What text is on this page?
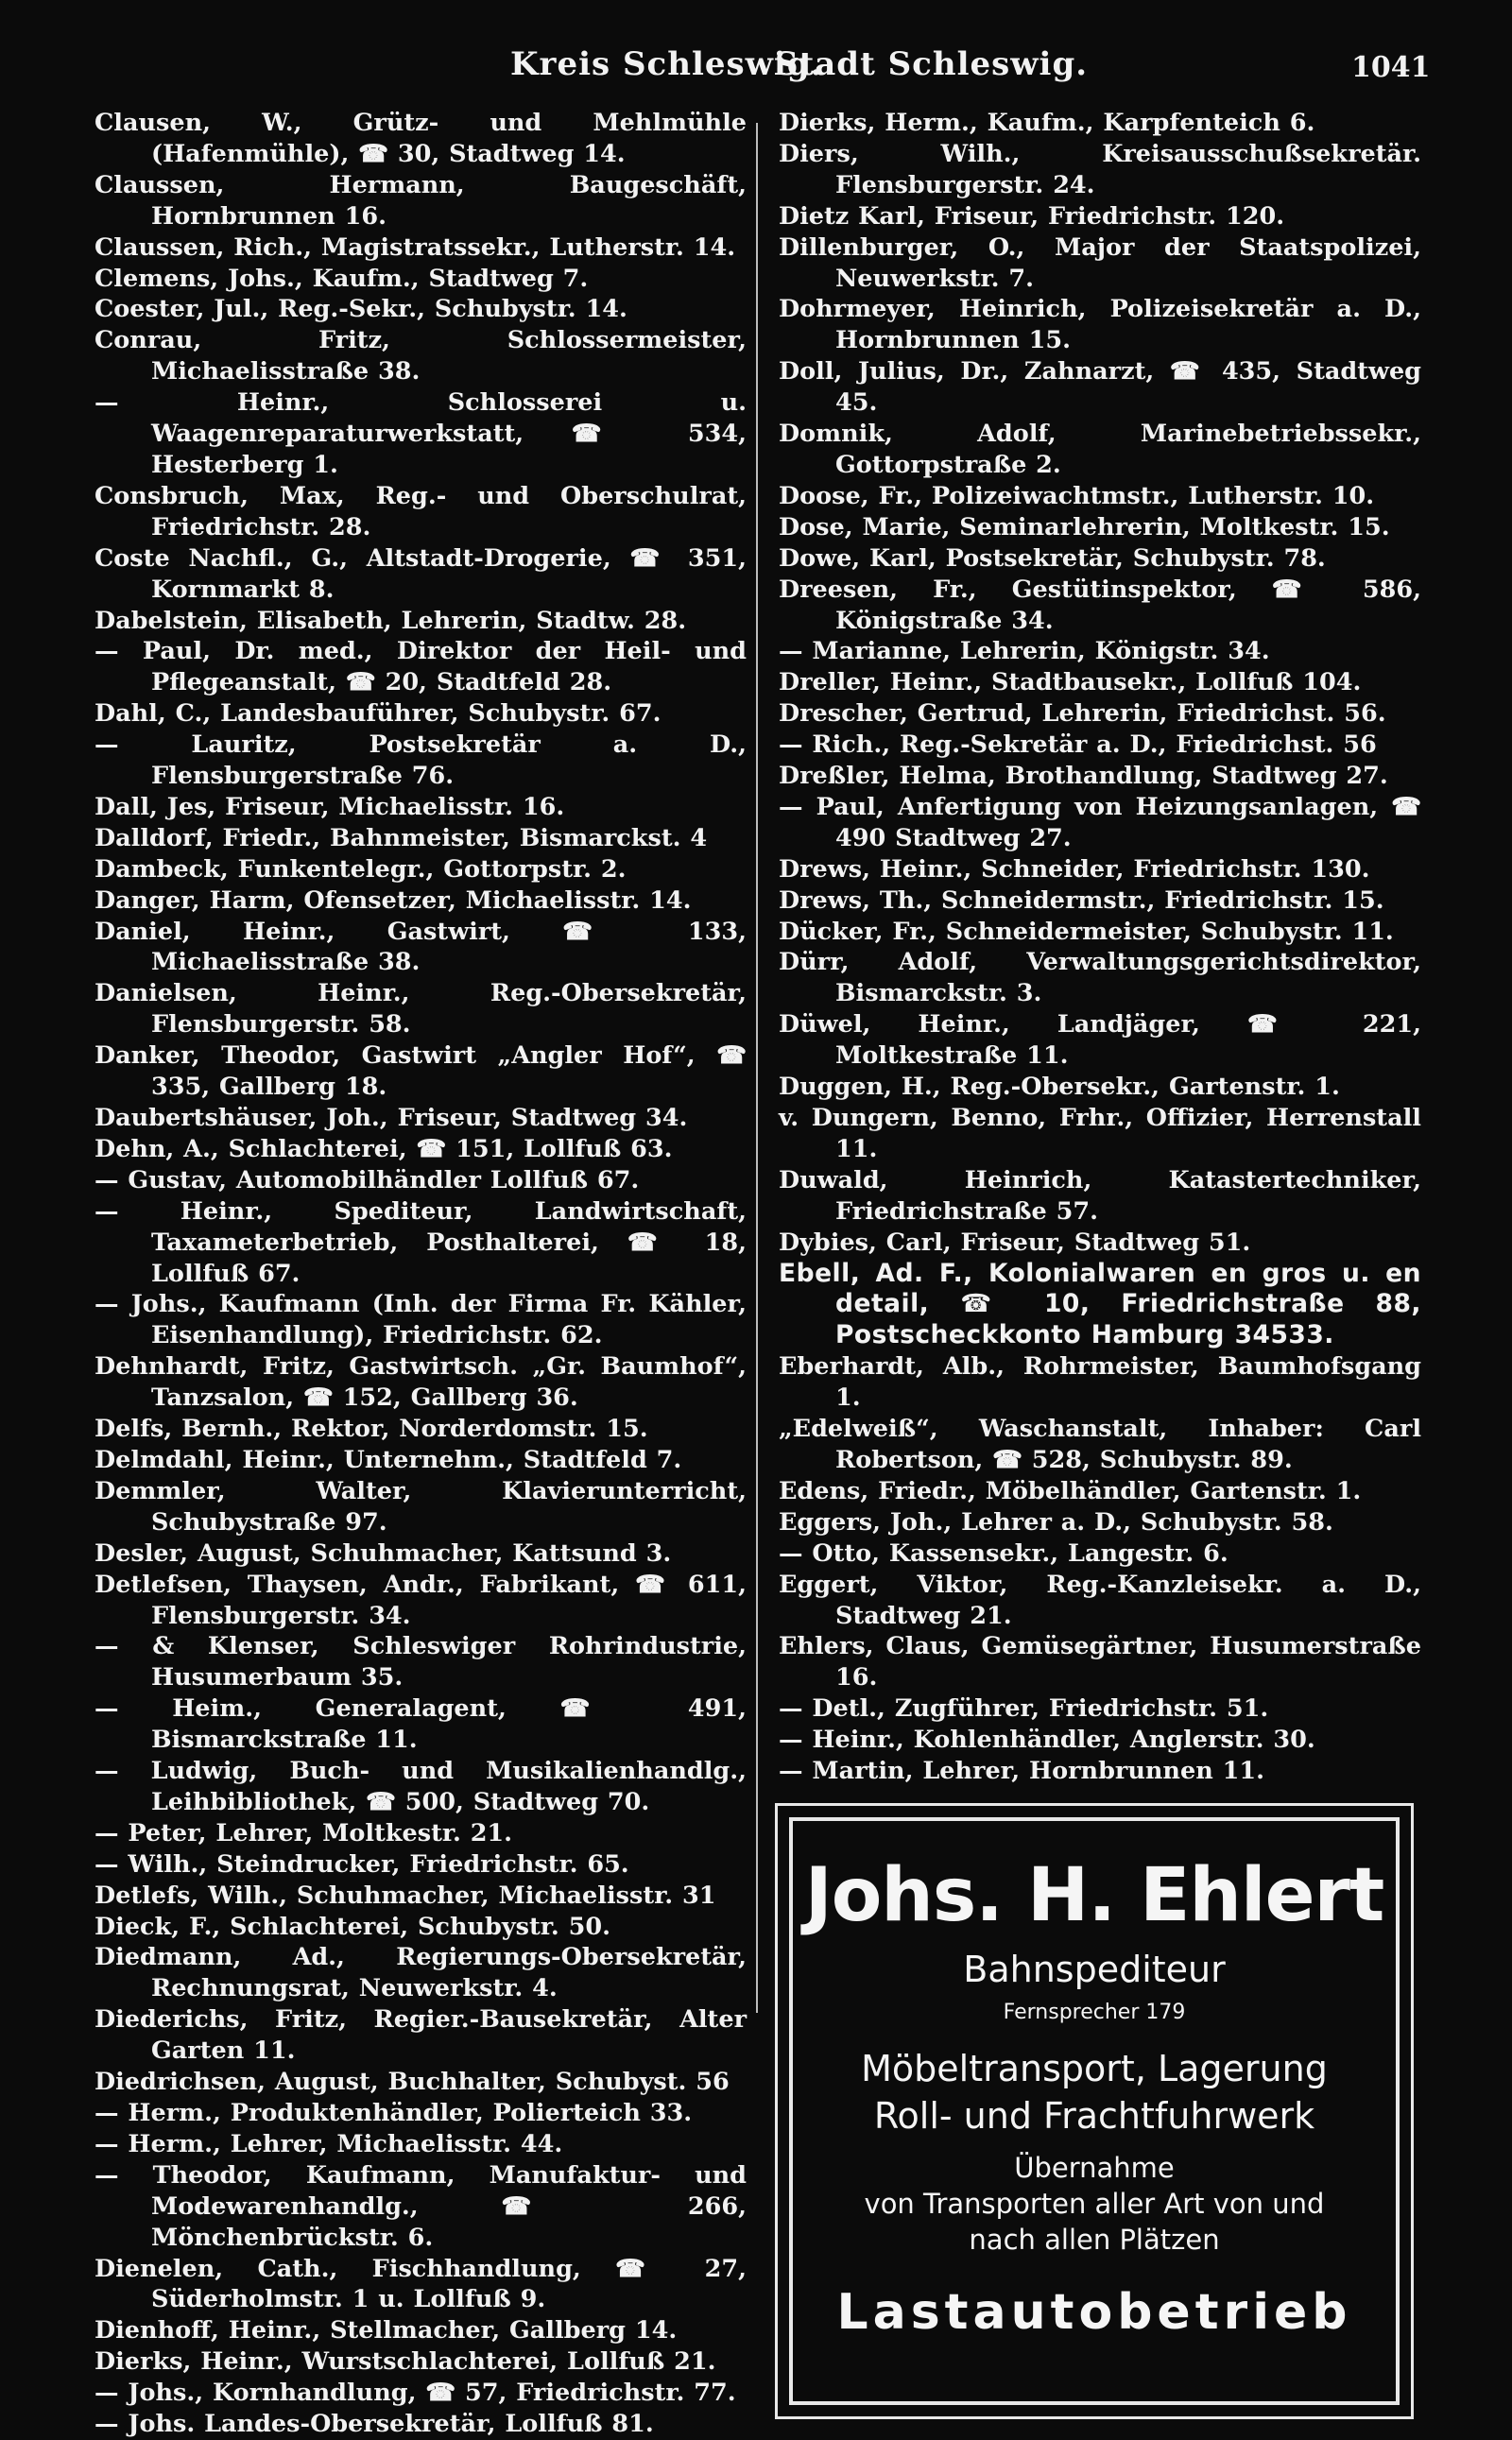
Kreis Schleswig.
Stadt Schleswig.	1041
Clausen, W., Grütz- und Mehlmühle (Hafenmühle), ☎ 30, Stadtweg 14.
Claussen, Hermann, Baugeschäft, Hornbrunnen 16.
Claussen, Rich., Magistratssekr., Lutherstr. 14.
Clemens, Johs., Kaufm., Stadtweg 7.
Coester, Jul., Reg.-Sekr., Schubystr. 14.
Conrau, Fritz, Schlossermeister, Michaelisstraße 38.
— Heinr., Schlosserei u. Waagenreparaturwerkstatt, ☎ 534, Hesterberg 1.
Consbruch, Max, Reg.- und Oberschulrat, Friedrichstr. 28.
Coste Nachfl., G., Altstadt-Drogerie, ☎ 351, Kornmarkt 8.
Dabelstein, Elisabeth, Lehrerin, Stadtw. 28.
— Paul, Dr. med., Direktor der Heil- und Pflegeanstalt, ☎ 20, Stadtfeld 28.
Dahl, C., Landesbauführer, Schubystr. 67.
— Lauritz, Postsekretär a. D., Flensburgerstraße 76.
Dall, Jes, Friseur, Michaelisstr. 16.
Dalldorf, Friedr., Bahnmeister, Bismarckst. 4
Dambeck, Funkentelegr., Gottorpstr. 2.
Danger, Harm, Ofensetzer, Michaelisstr. 14.
Daniel, Heinr., Gastwirt, ☎ 133, Michaelisstraße 38.
Danielsen, Heinr., Reg.-Obersekretär, Flensburgerstr. 58.
Danker, Theodor, Gastwirt „Angler Hof“, ☎ 335, Gallberg 18.
Daubertshäuser, Joh., Friseur, Stadtweg 34.
Dehn, A., Schlachterei, ☎ 151, Lollfuß 63.
— Gustav, Automobilhändler Lollfuß 67.
— Heinr., Spediteur, Landwirtschaft, Taxameterbetrieb, Posthalterei, ☎ 18, Lollfuß 67.
— Johs., Kaufmann (Inh. der Firma Fr. Kähler, Eisenhandlung), Friedrichstr. 62.
Dehnhardt, Fritz, Gastwirtsch. „Gr. Baumhof“, Tanzsalon, ☎ 152, Gallberg 36.
Delfs, Bernh., Rektor, Norderdomstr. 15.
Delmdahl, Heinr., Unternehm., Stadtfeld 7.
Demmler, Walter, Klavierunterricht, Schubystraße 97.
Desler, August, Schuhmacher, Kattsund 3.
Detlefsen, Thaysen, Andr., Fabrikant, ☎ 611, Flensburgerstr. 34.
— & Klenser, Schleswiger Rohrindustrie, Husumerbaum 35.
— Heim., Generalagent, ☎ 491, Bismarckstraße 11.
— Ludwig, Buch- und Musikalienhandlg., Leihbibliothek, ☎ 500, Stadtweg 70.
— Peter, Lehrer, Moltkestr. 21.
— Wilh., Steindrucker, Friedrichstr. 65.
Detlefs, Wilh., Schuhmacher, Michaelisstr. 31
Dieck, F., Schlachterei, Schubystr. 50.
Diedmann, Ad., Regierungs-Obersekretär, Rechnungsrat, Neuwerkstr. 4.
Diederichs, Fritz, Regier.-Bausekretär, Alter Garten 11.
Diedrichsen, August, Buchhalter, Schubyst. 56
— Herm., Produktenhändler, Polierteich 33.
— Herm., Lehrer, Michaelisstr. 44.
— Theodor, Kaufmann, Manufaktur- und Modewarenhandlg., ☎ 266, Mönchenbrückstr. 6.
Dienelen, Cath., Fischhandlung, ☎ 27, Süderholmstr. 1 u. Lollfuß 9.
Dienhoff, Heinr., Stellmacher, Gallberg 14.
Dierks, Heinr., Wurstschlachterei, Lollfuß 21.
— Johs., Kornhandlung, ☎ 57, Friedrichstr. 77.
— Johs. Landes-Obersekretär, Lollfuß 81.
Dierks, Herm., Kaufm., Karpfenteich 6.
Diers, Wilh., Kreisausschußsekretär. Flensburgerstr. 24.
Dietz Karl, Friseur, Friedrichstr. 120.
Dillenburger, O., Major der Staatspolizei, Neuwerkstr. 7.
Dohrmeyer, Heinrich, Polizeisekretär a. D., Hornbrunnen 15.
Doll, Julius, Dr., Zahnarzt, ☎ 435, Stadtweg 45.
Domnik, Adolf, Marinebetriebssekr., Gottorpstraße 2.
Doose, Fr., Polizeiwachtmstr., Lutherstr. 10.
Dose, Marie, Seminarlehrerin, Moltkestr. 15.
Dowe, Karl, Postsekretär, Schubystr. 78.
Dreesen, Fr., Gestütinspektor, ☎ 586, Königstraße 34.
— Marianne, Lehrerin, Königstr. 34.
Dreller, Heinr., Stadtbausekr., Lollfuß 104.
Drescher, Gertrud, Lehrerin, Friedrichst. 56.
— Rich., Reg.-Sekretär a. D., Friedrichst. 56
Dreßler, Helma, Brothandlung, Stadtweg 27.
— Paul, Anfertigung von Heizungsanlagen, ☎ 490 Stadtweg 27.
Drews, Heinr., Schneider, Friedrichstr. 130.
Drews, Th., Schneidermstr., Friedrichstr. 15.
Dücker, Fr., Schneidermeister, Schubystr. 11.
Dürr, Adolf, Verwaltungsgerichtsdirektor, Bismarckstr. 3.
Düwel, Heinr., Landjäger, ☎ 221, Moltkestraße 11.
Duggen, H., Reg.-Obersekr., Gartenstr. 1.
v. Dungern, Benno, Frhr., Offizier, Herrenstall 11.
Duwald, Heinrich, Katastertechniker, Friedrichstraße 57.
Dybies, Carl, Friseur, Stadtweg 51.
Ebell, Ad. F., Kolonialwaren en gros u. en detail, ☎ 10, Friedrichstraße 88, Postscheckkonto Hamburg 34533.
Eberhardt, Alb., Rohrmeister, Baumhofsgang 1.
„Edelweiß“, Waschanstalt, Inhaber: Carl Robertson, ☎ 528, Schubystr. 89.
Edens, Friedr., Möbelhändler, Gartenstr. 1.
Eggers, Joh., Lehrer a. D., Schubystr. 58.
— Otto, Kassensekr., Langestr. 6.
Eggert, Viktor, Reg.-Kanzleisekr. a. D., Stadtweg 21.
Ehlers, Claus, Gemüsegärtner, Husumerstraße 16.
— Detl., Zugführer, Friedrichstr. 51.
— Heinr., Kohlenhändler, Anglerstr. 30.
— Martin, Lehrer, Hornbrunnen 11.
Johs. H. Ehlert
Bahnspediteur
Fernsprecher 179
Möbeltransport, Lagerung
Roll- und Frachtfuhrwerk
Übernahme
von Transporten aller Art von und
nach allen Plätzen
Lastautobetrieb
